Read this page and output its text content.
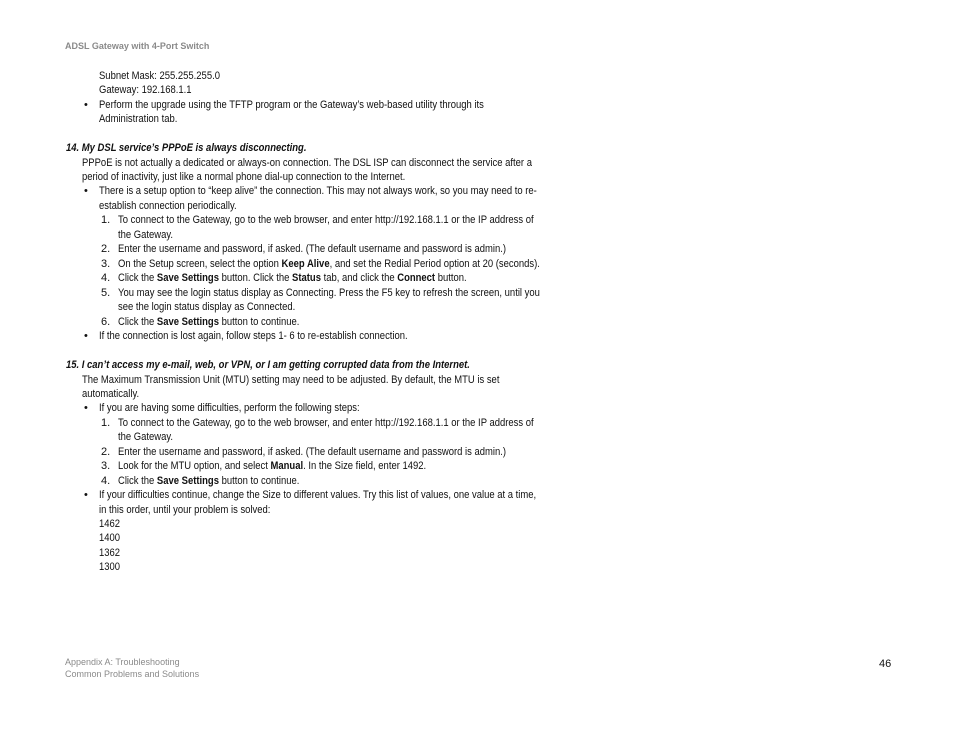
ADSL Gateway with 4-Port Switch
Subnet Mask: 255.255.255.0
Gateway: 192.168.1.1
• Perform the upgrade using the TFTP program or the Gateway’s web-based utility through its
Administration tab.
14. My DSL service’s PPPoE is always disconnecting.
PPPoE is not actually a dedicated or always-on connection. The DSL ISP can disconnect the service after a
period of inactivity, just like a normal phone dial-up connection to the Internet.
• There is a setup option to “keep alive” the connection. This may not always work, so you may need to re-
establish connection periodically.
1. To connect to the Gateway, go to the web browser, and enter http://192.168.1.1 or the IP address of
the Gateway.
2. Enter the username and password, if asked. (The default username and password is admin.)
3. On the Setup screen, select the option Keep Alive, and set the Redial Period option at 20 (seconds).
4. Click the Save Settings button. Click the Status tab, and click the Connect button.
5. You may see the login status display as Connecting. Press the F5 key to refresh the screen, until you
see the login status display as Connected.
6. Click the Save Settings button to continue.
• If the connection is lost again, follow steps 1- 6 to re-establish connection.
15. I can’t access my e-mail, web, or VPN, or I am getting corrupted data from the Internet.
The Maximum Transmission Unit (MTU) setting may need to be adjusted. By default, the MTU is set
automatically.
• If you are having some difficulties, perform the following steps:
1. To connect to the Gateway, go to the web browser, and enter http://192.168.1.1 or the IP address of
the Gateway.
2. Enter the username and password, if asked. (The default username and password is admin.)
3. Look for the MTU option, and select Manual. In the Size field, enter 1492.
4. Click the Save Settings button to continue.
• If your difficulties continue, change the Size to different values. Try this list of values, one value at a time,
in this order, until your problem is solved:
1462
1400
1362
1300
Appendix A: Troubleshooting
Common Problems and Solutions
46
